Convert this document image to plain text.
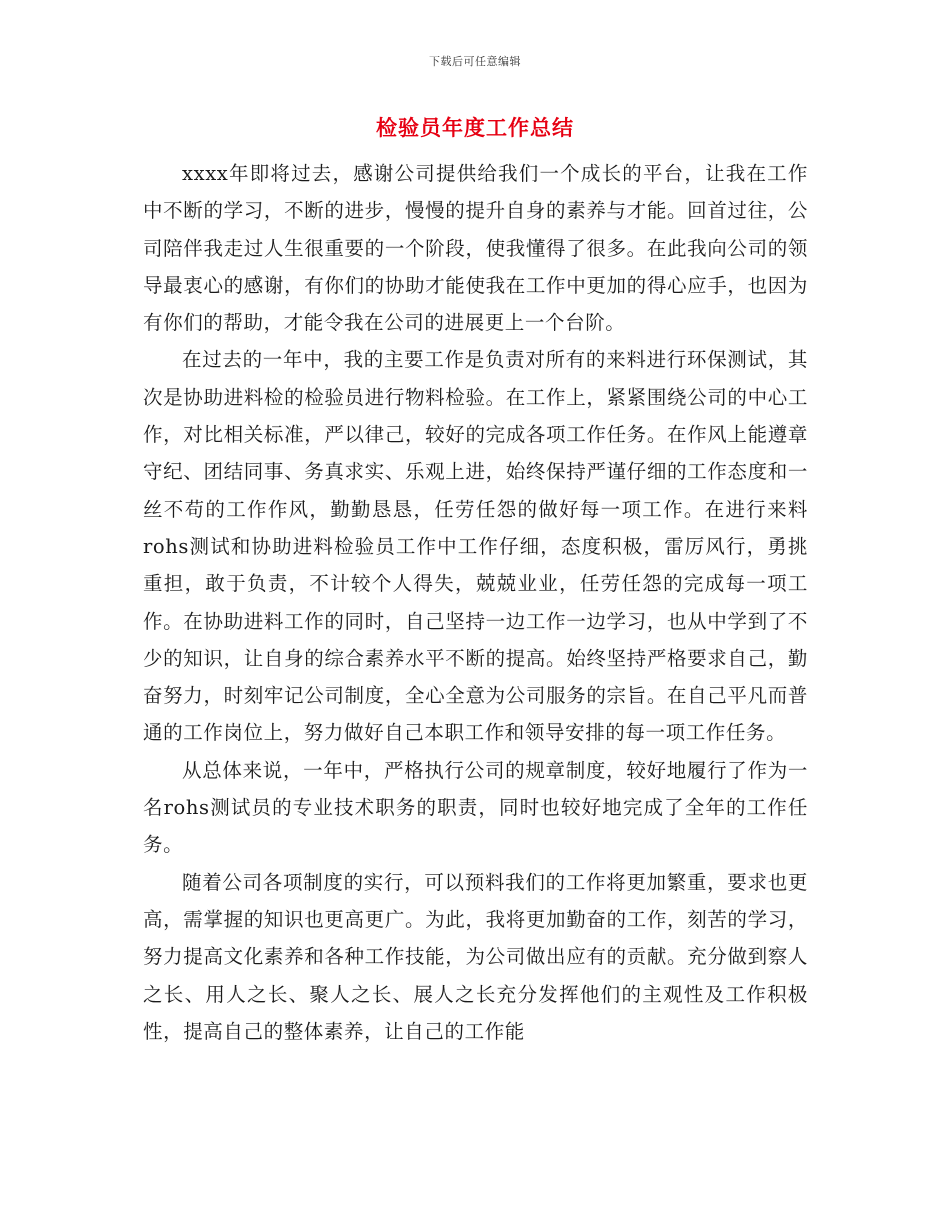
下载后可任意编辑
检验员年度工作总结

xxxx年即将过去，感谢公司提供给我们一个成长的平台，让我在工作中不断的学习，不断的进步，慢慢的提升自身的素养与才能。回首过往，公司陪伴我走过人生很重要的一个阶段，使我懂得了很多。在此我向公司的领导最衷心的感谢，有你们的协助才能使我在工作中更加的得心应手，也因为有你们的帮助，才能令我在公司的进展更上一个台阶。

在过去的一年中，我的主要工作是负责对所有的来料进行环保测试，其次是协助进料检的检验员进行物料检验。在工作上，紧紧围绕公司的中心工作，对比相关标准，严以律己，较好的完成各项工作任务。在作风上能遵章守纪、团结同事、务真求实、乐观上进，始终保持严谨仔细的工作态度和一丝不苟的工作作风，勤勤恳恳，任劳任怨的做好每一项工作。在进行来料rohs测试和协助进料检验员工作中工作仔细，态度积极，雷厉风行，勇挑重担，敢于负责，不计较个人得失，兢兢业业，任劳任怨的完成每一项工作。在协助进料工作的同时，自己坚持一边工作一边学习，也从中学到了不少的知识，让自身的综合素养水平不断的提高。始终坚持严格要求自己，勤奋努力，时刻牢记公司制度，全心全意为公司服务的宗旨。在自己平凡而普通的工作岗位上，努力做好自己本职工作和领导安排的每一项工作任务。

从总体来说，一年中，严格执行公司的规章制度，较好地履行了作为一名rohs测试员的专业技术职务的职责，同时也较好地完成了全年的工作任务。

随着公司各项制度的实行，可以预料我们的工作将更加繁重，要求也更高，需掌握的知识也更高更广。为此，我将更加勤奋的工作，刻苦的学习，努力提高文化素养和各种工作技能，为公司做出应有的贡献。充分做到察人之长、用人之长、聚人之长、展人之长充分发挥他们的主观性及工作积极性，提高自己的整体素养，让自己的工作能
